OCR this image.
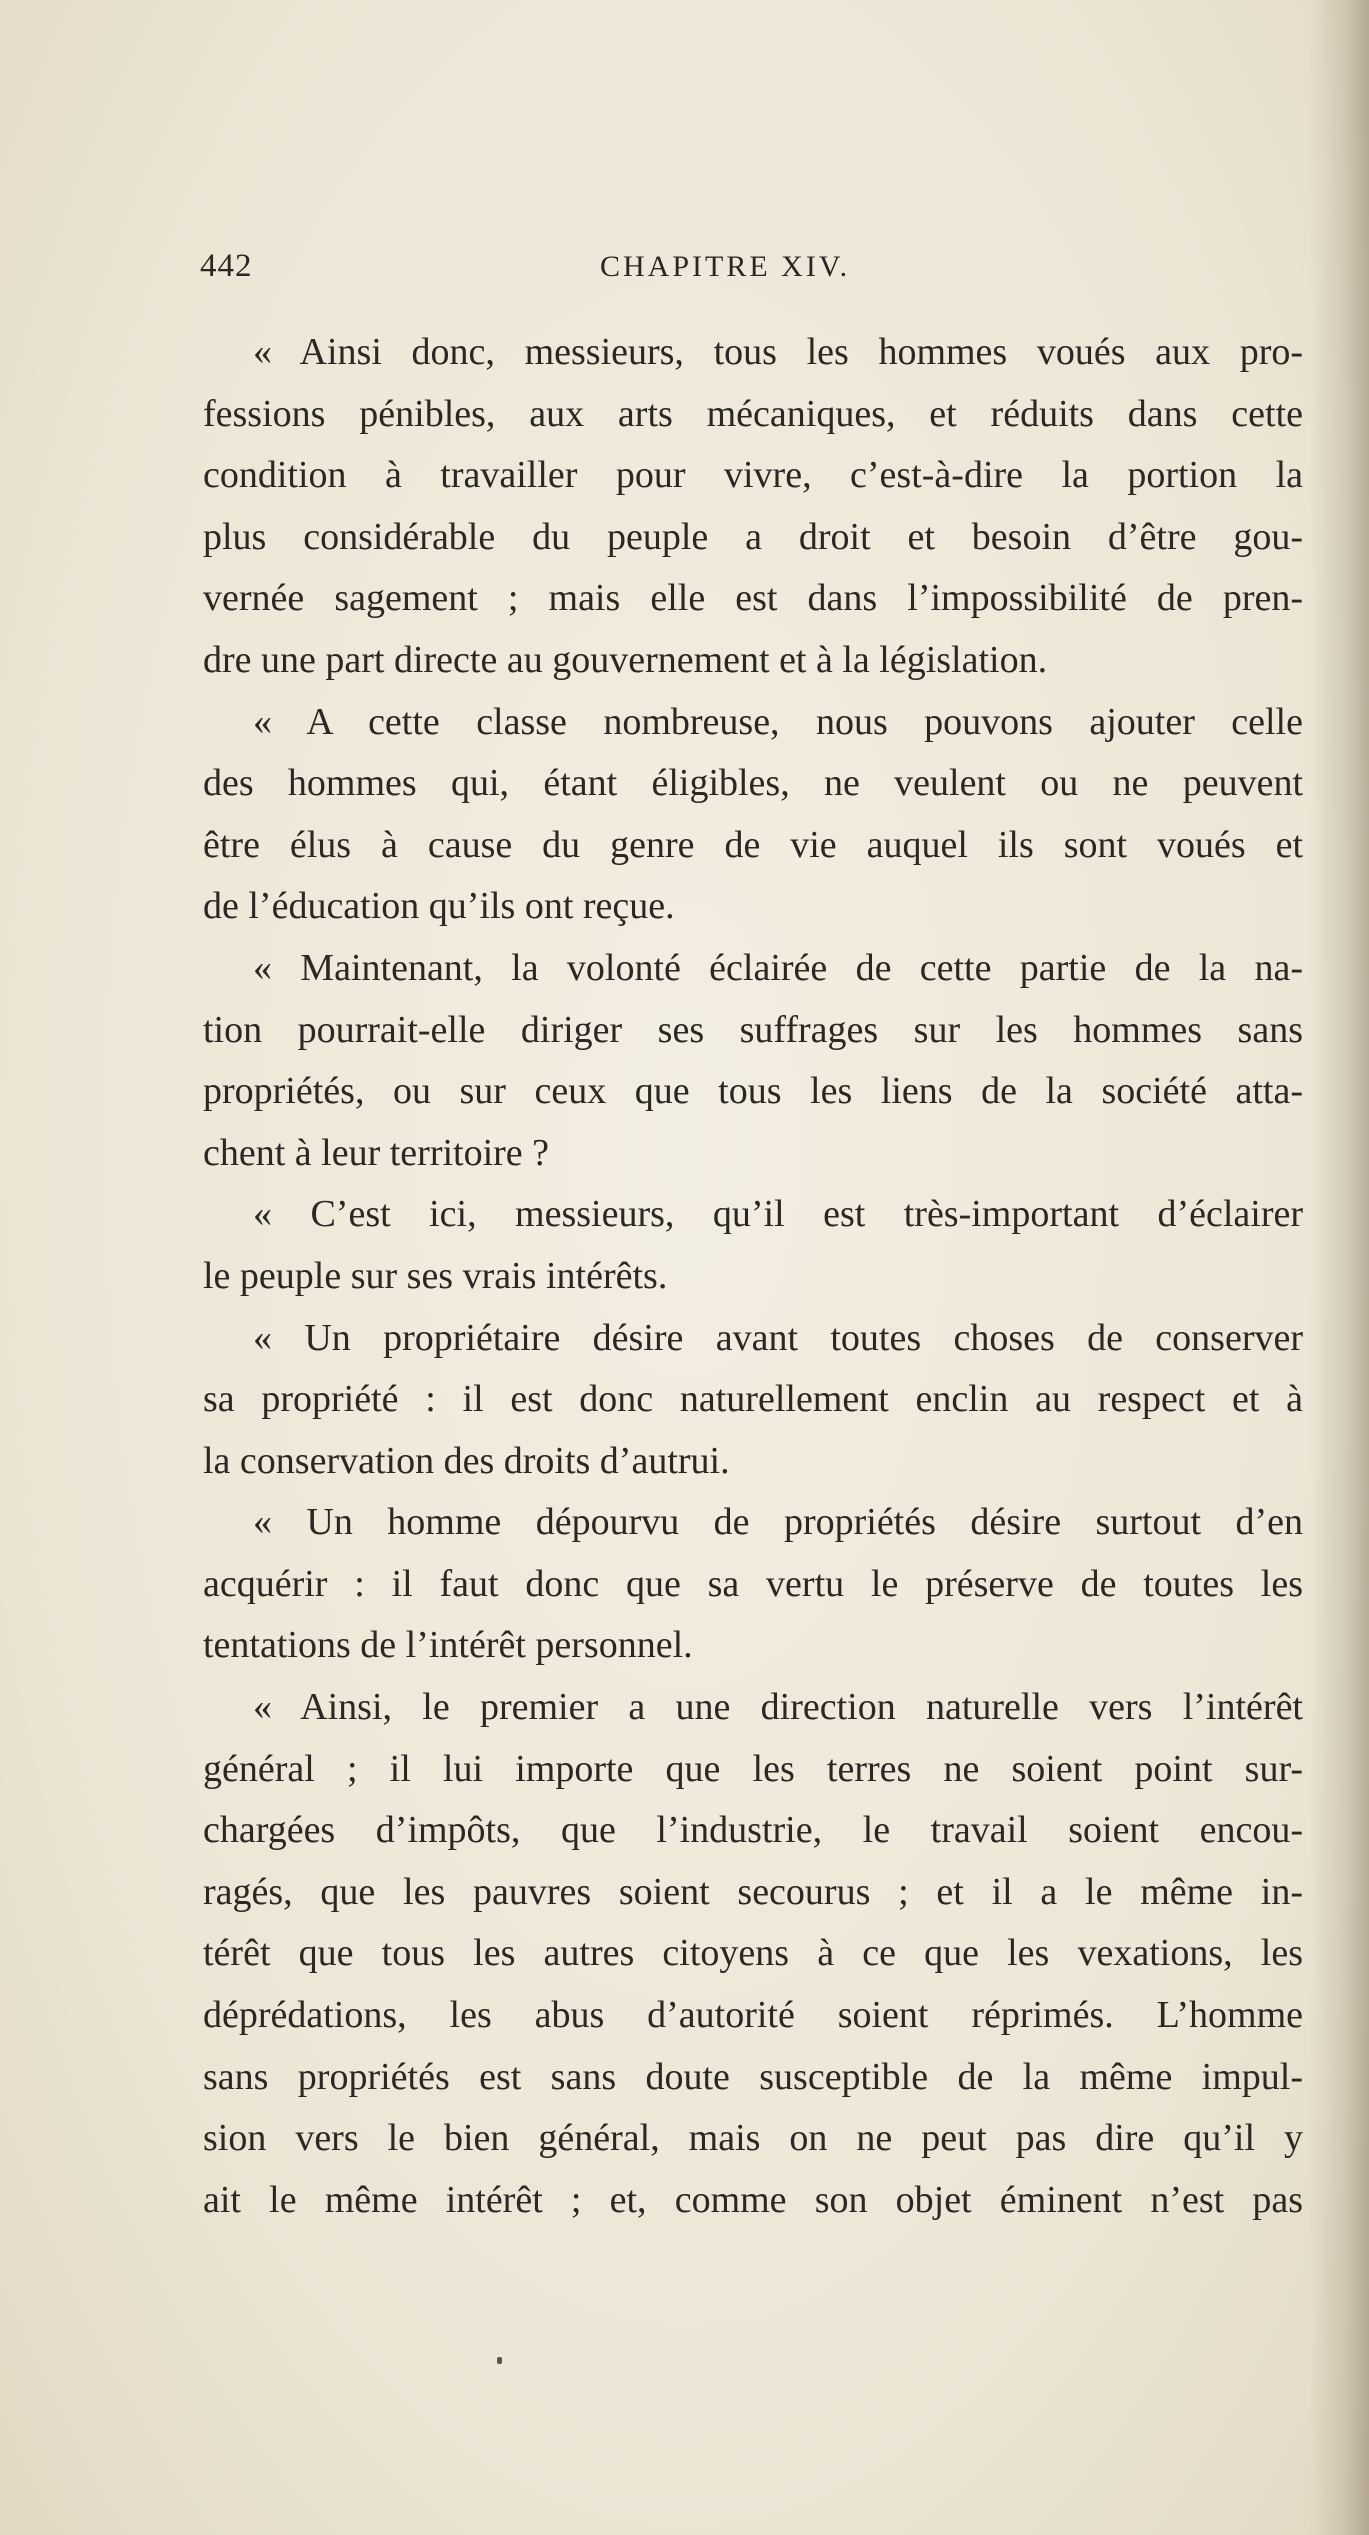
442	CHAPITRE XIV.
« Ainsi donc, messieurs, tous les hommes voués aux pro-
fessions pénibles, aux arts mécaniques, et réduits dans cette
condition à travailler pour vivre, c’est-à-dire la portion la
plus considérable du peuple a droit et besoin d’être gou-
vernée sagement ; mais elle est dans l’impossibilité de pren-
dre une part directe au gouvernement et à la législation.
« A cette classe nombreuse, nous pouvons ajouter celle
des hommes qui, étant éligibles, ne veulent ou ne peuvent
être élus à cause du genre de vie auquel ils sont voués et
de l’éducation qu’ils ont reçue.
« Maintenant, la volonté éclairée de cette partie de la na-
tion pourrait-elle diriger ses suffrages sur les hommes sans
propriétés, ou sur ceux que tous les liens de la société atta-
chent à leur territoire ?
« C’est ici, messieurs, qu’il est très-important d’éclairer
le peuple sur ses vrais intérêts.
« Un propriétaire désire avant toutes choses de conserver
sa propriété : il est donc naturellement enclin au respect et à
la conservation des droits d’autrui.
« Un homme dépourvu de propriétés désire surtout d’en
acquérir : il faut donc que sa vertu le préserve de toutes les
tentations de l’intérêt personnel.
« Ainsi, le premier a une direction naturelle vers l’intérêt
général ; il lui importe que les terres ne soient point sur-
chargées d’impôts, que l’industrie, le travail soient encou-
ragés, que les pauvres soient secourus ; et il a le même in-
térêt que tous les autres citoyens à ce que les vexations, les
déprédations, les abus d’autorité soient réprimés. L’homme
sans propriétés est sans doute susceptible de la même impul-
sion vers le bien général, mais on ne peut pas dire qu’il y
ait le même intérêt ; et, comme son objet éminent n’est pas
